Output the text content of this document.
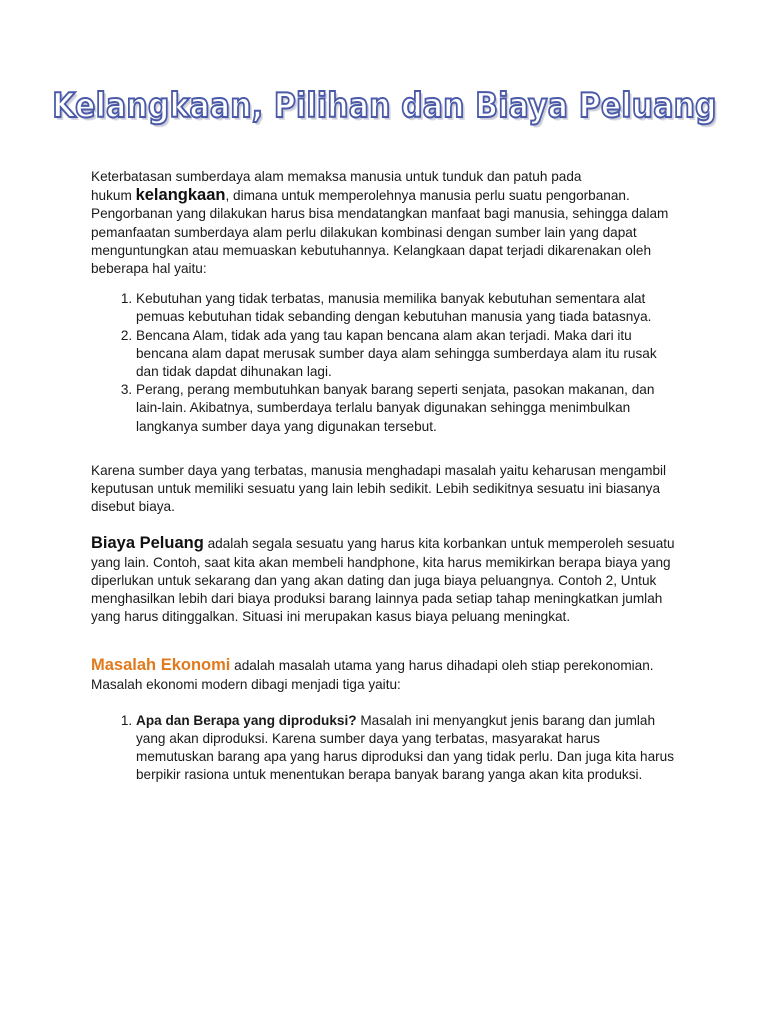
Kelangkaan, Pilihan dan Biaya Peluang

Keterbatasan sumberdaya alam memaksa manusia untuk tunduk dan patuh pada
hukum kelangkaan, dimana untuk memperolehnya manusia perlu suatu pengorbanan. Pengorbanan yang dilakukan harus bisa mendatangkan manfaat bagi manusia, sehingga dalam pemanfaatan sumberdaya alam perlu dilakukan kombinasi dengan sumber lain yang dapat menguntungkan atau memuaskan kebutuhannya. Kelangkaan dapat terjadi dikarenakan oleh beberapa hal yaitu:

1. Kebutuhan yang tidak terbatas, manusia memilika banyak kebutuhan sementara alat pemuas kebutuhan tidak sebanding dengan kebutuhan manusia yang tiada batasnya.
2. Bencana Alam, tidak ada yang tau kapan bencana alam akan terjadi. Maka dari itu bencana alam dapat merusak sumber daya alam sehingga sumberdaya alam itu rusak dan tidak dapdat dihunakan lagi.
3. Perang, perang membutuhkan banyak barang seperti senjata, pasokan makanan, dan lain-lain. Akibatnya, sumberdaya terlalu banyak digunakan sehingga menimbulkan langkanya sumber daya yang digunakan tersebut.

Karena sumber daya yang terbatas, manusia menghadapi masalah yaitu keharusan mengambil keputusan untuk memiliki sesuatu yang lain lebih sedikit. Lebih sedikitnya sesuatu ini biasanya disebut biaya.

Biaya Peluang adalah segala sesuatu yang harus kita korbankan untuk memperoleh sesuatu yang lain. Contoh, saat kita akan membeli handphone, kita harus memikirkan berapa biaya yang diperlukan untuk sekarang dan yang akan dating dan juga biaya peluangnya. Contoh 2, Untuk menghasilkan lebih dari biaya produksi barang lainnya pada setiap tahap meningkatkan jumlah yang harus ditinggalkan. Situasi ini merupakan kasus biaya peluang meningkat.

Masalah Ekonomi adalah masalah utama yang harus dihadapi oleh stiap perekonomian. Masalah ekonomi modern dibagi menjadi tiga yaitu:

1. Apa dan Berapa yang diproduksi? Masalah ini menyangkut jenis barang dan jumlah yang akan diproduksi. Karena sumber daya yang terbatas, masyarakat harus memutuskan barang apa yang harus diproduksi dan yang tidak perlu. Dan juga kita harus berpikir rasiona untuk menentukan berapa banyak barang yanga akan kita produksi.
